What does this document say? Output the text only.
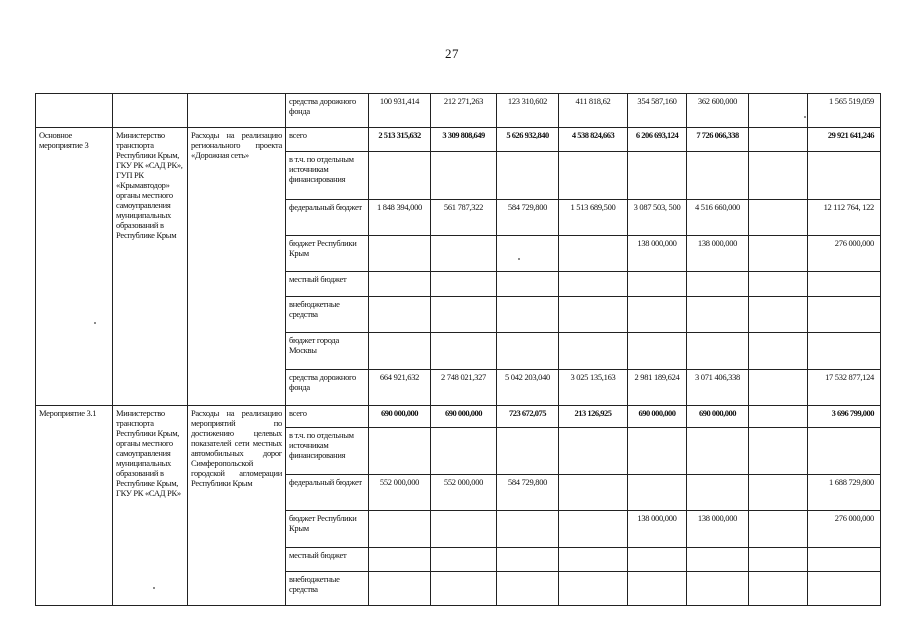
27
			средства дорожного фонда	100 931,414	212 271,263	123 310,602	411 818,62	354 587,160	362 600,000		1 565 519,059
Основное мероприятие 3	Министерство транспорта Республики Крым, ГКУ РК «САД РК», ГУП РК «Крымавтодор» органы местного самоуправления муниципальных образований в Республике Крым	Расходы на реализацию регионального проекта «Дорожная сеть»	всего	2 513 315,632	3 309 808,649	5 626 932,840	4 538 824,663	6 206 693,124	7 726 066,338		29 921 641,246
			в т.ч. по отдельным источникам финансирования								
			федеральный бюджет	1 848 394,000	561 787,322	584 729,800	1 513 689,500	3 087 503, 500	4 516 660,000		12 112 764, 122
			бюджет Республики Крым					138 000,000	138 000,000		276 000,000
			местный бюджет								
			внебюджетные средства								
			бюджет города Москвы								
			средства дорожного фонда	664 921,632	2 748 021,327	5 042 203,040	3 025 135,163	2 981 189,624	3 071 406,338		17 532 877,124
Мероприятие 3.1	Министерство транспорта Республики Крым, органы местного самоуправления муниципальных образований в Республике Крым, ГКУ РК «САД РК»	Расходы на реализацию мероприятий по достижению целевых показателей сети местных автомобильных дорог Симферопольской городской агломерации Республики Крым	всего	690 000,000	690 000,000	723 672,075	213 126,925	690 000,000	690 000,000		3 696 799,000
			в т.ч. по отдельным источникам финансирования								
			федеральный бюджет	552 000,000	552 000,000	584 729,800					1 688 729,800
			бюджет Республики Крым					138 000,000	138 000,000		276 000,000
			местный бюджет								
			внебюджетные средства								
